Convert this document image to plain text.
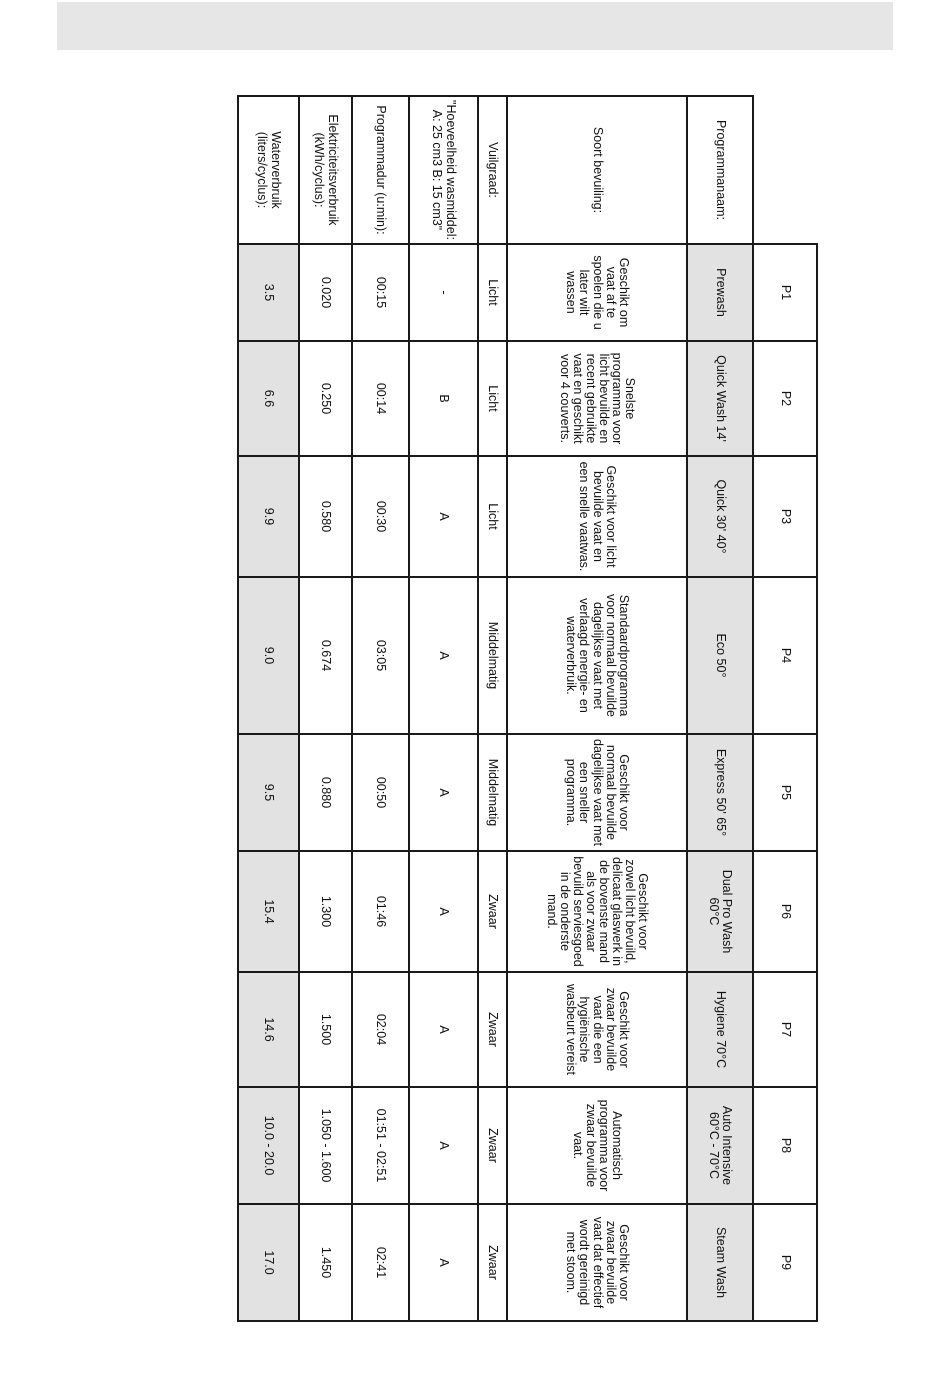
	P1	P2	P3	P4	P5	P6	P7	P8	P9
Programmanaam:	Prewash	Quick Wash 14'	Quick 30' 40°	Eco 50°	Express 50' 65°	Dual Pro Wash 60°C	Hygiene 70°C	Auto Intensive 60°C - 70°C	Steam Wash
Soort bevuiling:	Geschikt om vaat af te spoelen die u later wilt wassen	Snelste programma voor licht bevuilde en recent gebruikte vaat en geschikt voor 4 couverts.	Geschikt voor licht bevuilde vaat en een snelle vaatwas.	Standaardprogramma voor normaal bevuilde dagelijkse vaat met verlaagd energie- en waterverbruik.	Geschikt voor normaal bevuilde dagelijkse vaat met een sneller programma.	Geschikt voor zowel licht bevuild, delicaat glaswerk in de bovenste mand als voor zwaar bevuild serviesgoed in de onderste mand.	Geschikt voor zwaar bevuilde vaat die een hygiënische wasbeurt vereist	Automatisch programma voor zwaar bevuilde vaat.	Geschikt voor zwaar bevuilde vaat dat effectief wordt gereinigd met stoom.
Vuilgraad:	Licht	Licht	Licht	Middelmatig	Middelmatig	Zwaar	Zwaar	Zwaar	Zwaar
"Hoeveelheid wasmiddel: A: 25 cm3 B: 15 cm3"	-	B	A	A	A	A	A	A	A
Programmadur (u:min):	00:15	00:14	00:30	03:05	00:50	01:46	02:04	01:51 - 02:51	02:41
Elektriciteitsverbruik (kWh/cyclus):	0.020	0.250	0.580	0.674	0.880	1.300	1.500	1.050 - 1.600	1.450
Waterverbruik (liters/cyclus):	3.5	6.6	9.9	9.0	9.5	15.4	14.6	10.0 - 20.0	17.0
